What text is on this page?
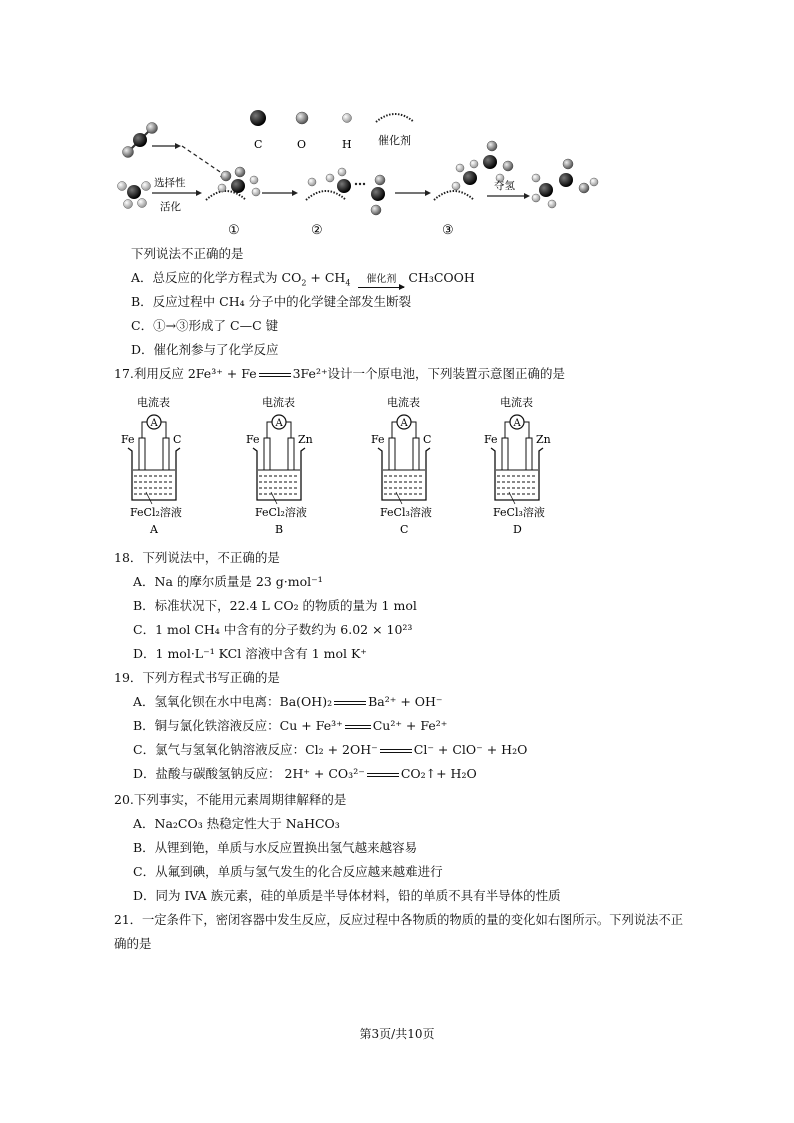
C	O	H 催化剂
选择性
活化
①	②	③
夺氢
下列说法不正确的是
A．总反应的化学方程式为 $CO_2 + CH_4$	催化剂 CH₃COOH
B．反应过程中 CH₄ 分子中的化学键全部发生断裂
C．①→③形成了 C—C 键
D．催化剂参与了化学反应
17.利用反应 2Fe³⁺ + Fe	3Fe²⁺设计一个原电池，下列装置示意图正确的是
电流表
A
Fe	C
FeCl₂溶液
A
电流表
A
Fe	Zn
FeCl₂溶液
B
电流表
A
Fe	C
FeCl₃溶液
C
电流表
A
Fe	Zn
FeCl₃溶液
D
18．下列说法中，不正确的是
A．Na 的摩尔质量是 23 g·mol⁻¹
B．标准状况下，22.4 L CO₂ 的物质的量为 1 mol
C．1 mol CH₄ 中含有的分子数约为 6.02 × 10²³
D．1 mol·L⁻¹ KCl 溶液中含有 1 mol K⁺
19．下列方程式书写正确的是
A．氢氧化钡在水中电离：Ba(OH)₂	Ba²⁺ + OH⁻
B．铜与氯化铁溶液反应：Cu + Fe³⁺ Cu²⁺ + Fe²⁺
C．氯气与氢氧化钠溶液反应：Cl₂ + 2OH⁻	Cl⁻ + ClO⁻ + H₂O
D．盐酸与碳酸氢钠反应： 2H⁺ + CO₃²⁻	CO₂↑+ H₂O
20.下列事实，不能用元素周期律解释的是
A．Na₂CO₃ 热稳定性大于 NaHCO₃
B．从锂到铯，单质与水反应置换出氢气越来越容易
C．从氟到碘，单质与氢气发生的化合反应越来越难进行
D．同为 IVA 族元素，硅的单质是半导体材料，铅的单质不具有半导体的性质
21．一定条件下，密闭容器中发生反应，反应过程中各物质的物质的量的变化如右图所示。下列说法不正
确的是
第3页/共10页
